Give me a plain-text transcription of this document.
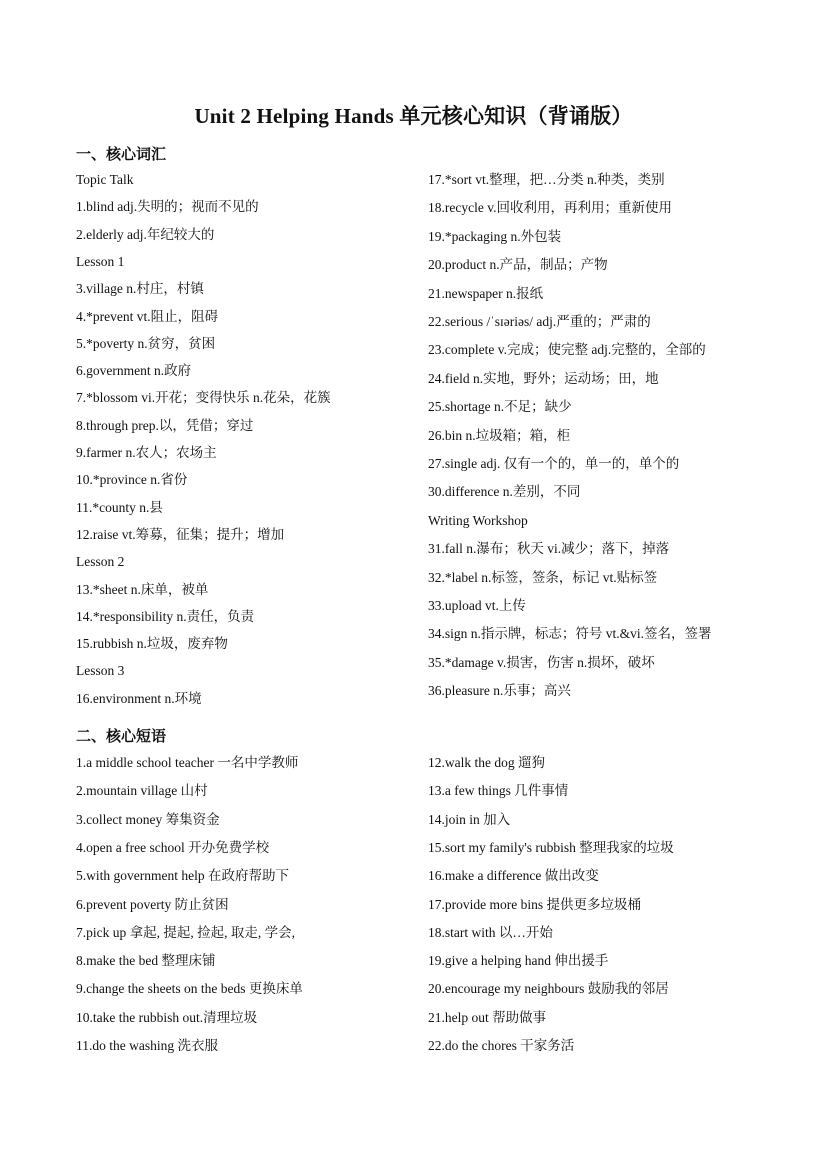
Unit 2 Helping Hands 单元核心知识（背诵版）
一、核心词汇
Topic Talk
1.blind adj.失明的；视而不见的
2.elderly adj.年纪较大的
Lesson 1
3.village n.村庄，村镇
4.*prevent vt.阻止，阻碍
5.*poverty n.贫穷，贫困
6.government n.政府
7.*blossom vi.开花；变得快乐 n.花朵，花簇
8.through prep.以，凭借；穿过
9.farmer n.农人；农场主
10.*province n.省份
11.*county n.县
12.raise vt.筹募，征集；提升；增加
Lesson 2
13.*sheet n.床单，被单
14.*responsibility n.责任，负责
15.rubbish n.垃圾，废弃物
Lesson 3
16.environment n.环境
17.*sort vt.整理，把…分类 n.种类，类别
18.recycle v.回收利用，再利用；重新使用
19.*packaging n.外包装
20.product n.产品，制品；产物
21.newspaper n.报纸
22.serious /ˈsɪəriəs/ adj.严重的；严肃的
23.complete v.完成；使完整 adj.完整的，全部的
24.field n.实地，野外；运动场；田，地
25.shortage n.不足；缺少
26.bin n.垃圾箱；箱，柜
27.single adj. 仅有一个的，单一的，单个的
30.difference n.差别，不同
Writing Workshop
31.fall n.瀑布；秋天 vi.减少；落下，掉落
32.*label n.标签，签条，标记 vt.贴标签
33.upload vt.上传
34.sign n.指示牌，标志；符号 vt.&vi.签名，签署
35.*damage v.损害，伤害 n.损坏，破坏
36.pleasure n.乐事；高兴
二、核心短语
1.a middle school teacher 一名中学教师
2.mountain village 山村
3.collect money 筹集资金
4.open a free school 开办免费学校
5.with government help 在政府帮助下
6.prevent poverty 防止贫困
7.pick up 拿起, 提起, 捡起, 取走, 学会,
8.make the bed 整理床铺
9.change the sheets on the beds 更换床单
10.take the rubbish out.清理垃圾
11.do the washing 洗衣服
12.walk the dog 遛狗
13.a few things 几件事情
14.join in 加入
15.sort my family's rubbish 整理我家的垃圾
16.make a difference 做出改变
17.provide more bins 提供更多垃圾桶
18.start with 以…开始
19.give a helping hand 伸出援手
20.encourage my neighbours 鼓励我的邻居
21.help out 帮助做事
22.do the chores 干家务活
